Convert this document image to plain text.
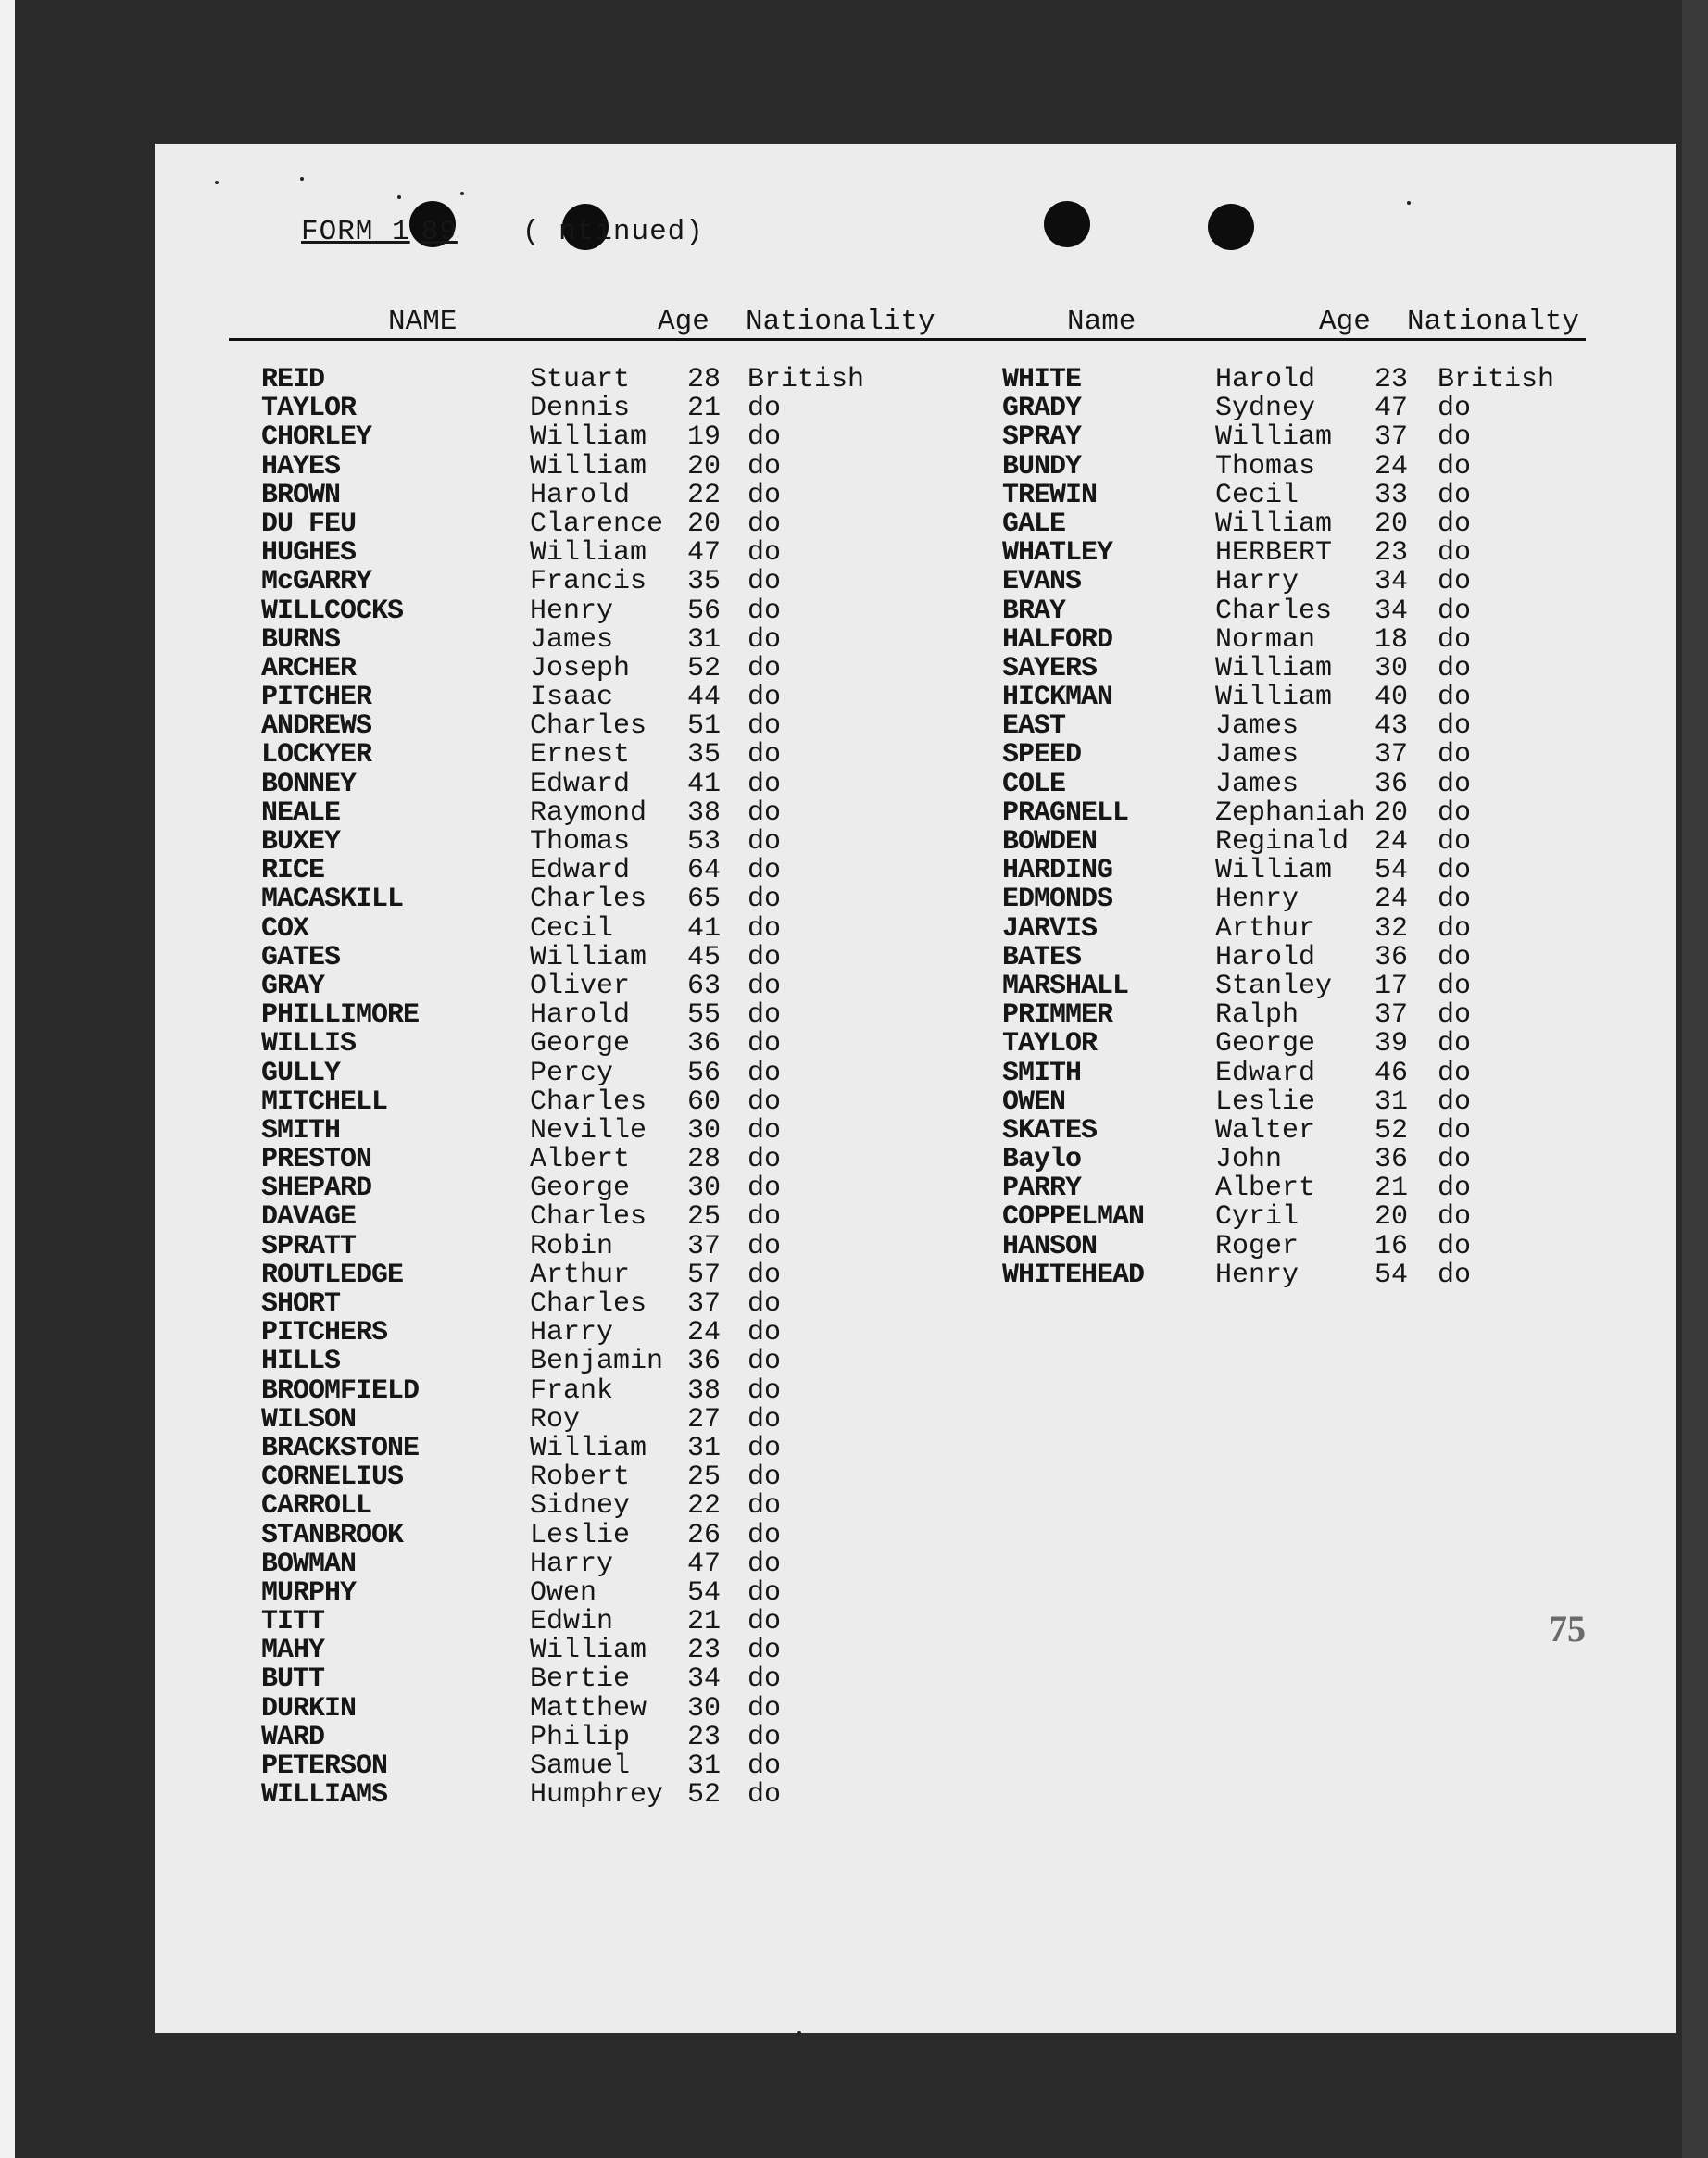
FORM 1 89 ( ntinued)
NAME	Age Nationality	Name	Age Nationalty
REID	Stuart 28 British
TAYLOR	Dennis 21 do
CHORLEY	William 19 do
HAYES	William 20 do
BROWN	Harold 22 do
DU FEU	Clarence 20 do
HUGHES	William 47 do
McGARRY	Francis 35 do
WILLCOCKS	Henry	56 do
BURNS	James	31 do
ARCHER	Joseph 52 do
PITCHER	Isaac	44 do
ANDREWS	Charles 51 do
LOCKYER	Ernest 35 do
BONNEY	Edward 41 do
NEALE	Raymond 38 do
BUXEY	Thomas 53 do
RICE	Edward 64 do
MACASKILL	Charles 65 do
COX	Cecil	41 do
GATES	William 45 do
GRAY	Oliver 63 do
PHILLIMORE	Harold 55 do
WILLIS	George 36 do
GULLY	Percy	56 do
MITCHELL	Charles 60 do
SMITH	Neville 30 do
PRESTON	Albert 28 do
SHEPARD	George 30 do
DAVAGE	Charles 25 do
SPRATT	Robin	37 do
ROUTLEDGE	Arthur 57 do
SHORT	Charles 37 do
PITCHERS	Harry	24 do
HILLS	Benjamin 36 do
BROOMFIELD	Frank	38 do
WILSON	Roy	27 do
BRACKSTONE	William 31 do
CORNELIUS	Robert 25 do
CARROLL	Sidney 22 do
STANBROOK	Leslie 26 do
BOWMAN	Harry	47 do
MURPHY	Owen	54 do
TITT	Edwin	21 do
MAHY	William 23 do
BUTT	Bertie 34 do
DURKIN	Matthew 30 do
WARD	Philip 23 do
PETERSON	Samuel 31 do
WILLIAMS	Humphrey 52 do
WHITE	Harold 23 British
GRADY	Sydney 47 do
SPRAY	William 37 do
BUNDY	Thomas 24 do
TREWIN	Cecil	33 do
GALE	William 20 do
WHATLEY	HERBERT 23 do
EVANS	Harry	34 do
BRAY	Charles 34 do
HALFORD	Norman 18 do
SAYERS	William 30 do
HICKMAN	William 40 do
EAST	James	43 do
SPEED	James	37 do
COLE	James	36 do
PRAGNELL	Zephaniah 20 do
BOWDEN	Reginald 24 do
HARDING	William 54 do
EDMONDS	Henry	24 do
JARVIS	Arthur 32 do
BATES	Harold 36 do
MARSHALL	Stanley 17 do
PRIMMER	Ralph	37 do
TAYLOR	George 39 do
SMITH	Edward 46 do
OWEN	Leslie 31 do
SKATES	Walter 52 do
Baylo	John	36 do
PARRY	Albert 21 do
COPPELMAN	Cyril	20 do
HANSON	Roger	16 do
WHITEHEAD	Henry	54 do
75
